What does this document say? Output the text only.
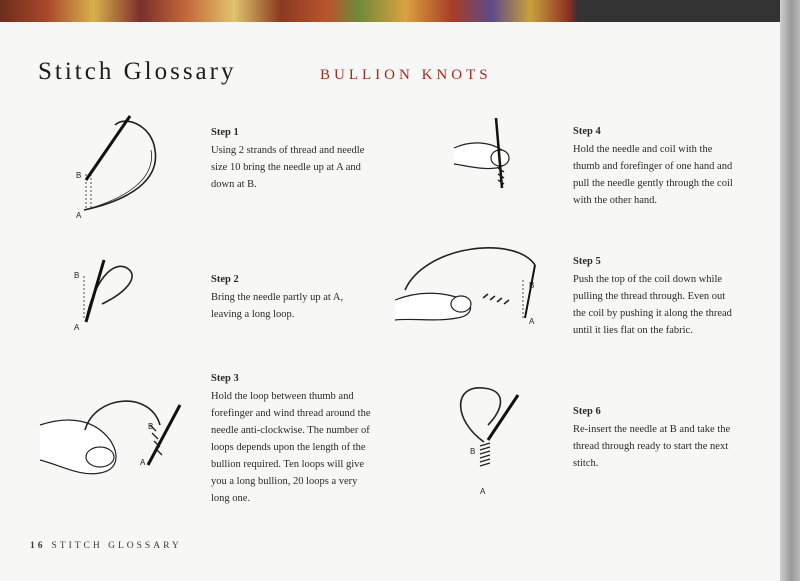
Stitch Glossary	BULLION KNOTS
B
A
B
A
B
A
B
A
B
A
Step 1
Using 2 strands of thread and needle size 10 bring the needle up at A and down at B.
Step 2
Bring the needle partly up at A, leaving a long loop.
Step 3
Hold the loop between thumb and forefinger and wind thread around the needle anti-clockwise. The number of loops depends upon the length of the bullion required. Ten loops will give you a long bullion, 20 loops a very long one.
Step 4
Hold the needle and coil with the thumb and forefinger of one hand and pull the needle gently through the coil with the other hand.
Step 5
Push the top of the coil down while pulling the thread through. Even out the coil by pushing it along the thread until it lies flat on the fabric.
Step 6
Re-insert the needle at B and take the thread through ready to start the next stitch.
16 STITCH GLOSSARY
